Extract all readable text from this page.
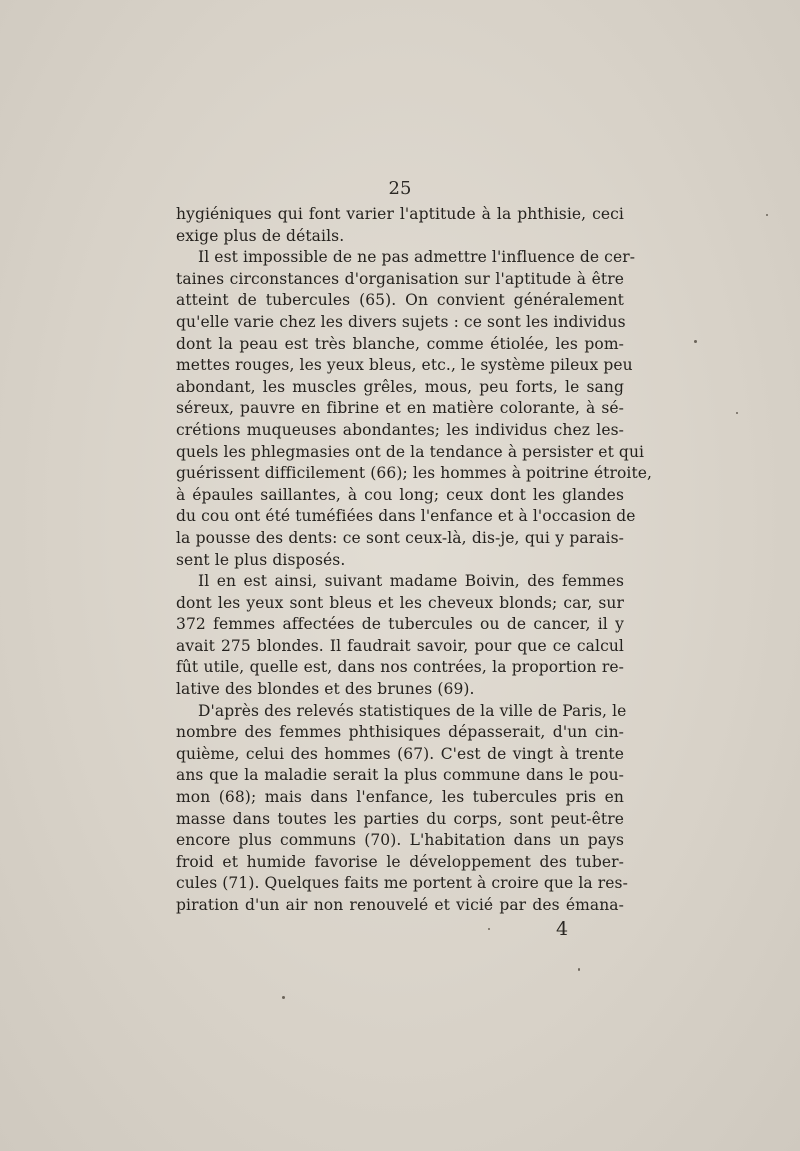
25
hygiéniques qui font varier l'aptitude à la phthisie, ceci
exige plus de détails.
Il est impossible de ne pas admettre l'influence de cer-
taines circonstances d'organisation sur l'aptitude à être
atteint de tubercules (65). On convient généralement
qu'elle varie chez les divers sujets : ce sont les individus
dont la peau est très blanche, comme étiolée, les pom-
mettes rouges, les yeux bleus, etc., le système pileux peu
abondant, les muscles grêles, mous, peu forts, le sang
séreux, pauvre en fibrine et en matière colorante, à sé-
crétions muqueuses abondantes; les individus chez les-
quels les phlegmasies ont de la tendance à persister et qui
guérissent difficilement (66); les hommes à poitrine étroite,
à épaules saillantes, à cou long; ceux dont les glandes
du cou ont été tuméfiées dans l'enfance et à l'occasion de
la pousse des dents: ce sont ceux-là, dis-je, qui y parais-
sent le plus disposés.
Il en est ainsi, suivant madame Boivin, des femmes
dont les yeux sont bleus et les cheveux blonds; car, sur
372 femmes affectées de tubercules ou de cancer, il y
avait 275 blondes. Il faudrait savoir, pour que ce calcul
fût utile, quelle est, dans nos contrées, la proportion re-
lative des blondes et des brunes (69).
D'après des relevés statistiques de la ville de Paris, le
nombre des femmes phthisiques dépasserait, d'un cin-
quième, celui des hommes (67). C'est de vingt à trente
ans que la maladie serait la plus commune dans le pou-
mon (68); mais dans l'enfance, les tubercules pris en
masse dans toutes les parties du corps, sont peut-être
encore plus communs (70). L'habitation dans un pays
froid et humide favorise le développement des tuber-
cules (71). Quelques faits me portent à croire que la res-
piration d'un air non renouvelé et vicié par des émana-
4
